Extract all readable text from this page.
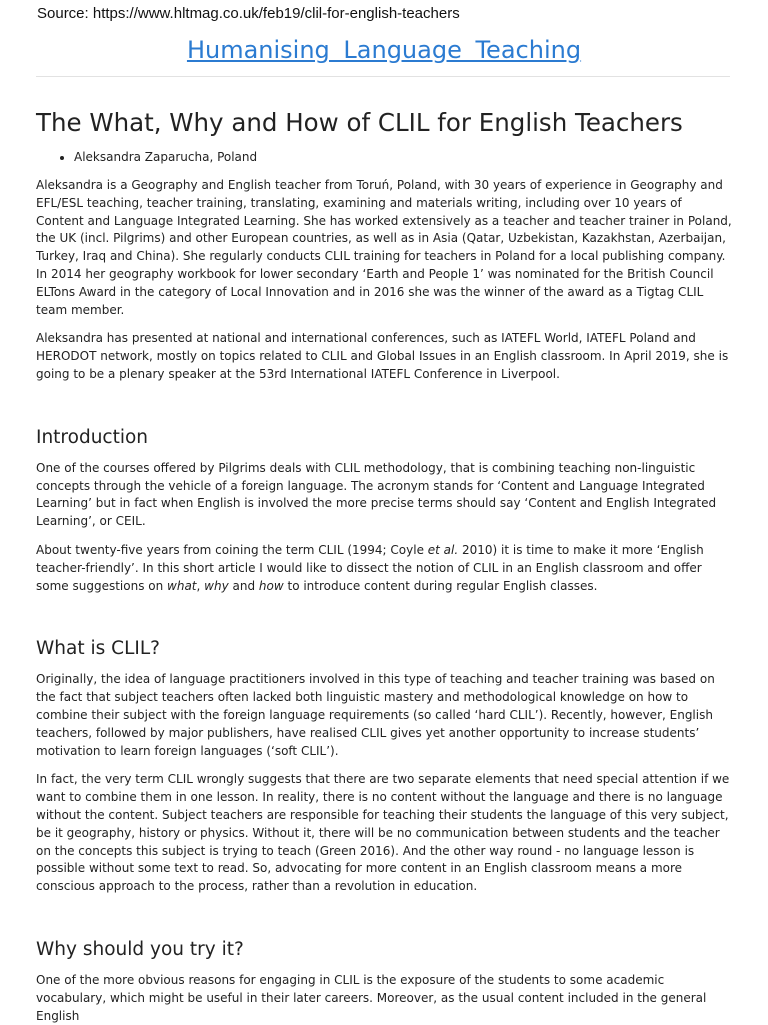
Source: https://www.hltmag.co.uk/feb19/clil-for-english-teachers
Humanising Language Teaching
The What, Why and How of CLIL for English Teachers
• Aleksandra Zaparucha, Poland

Aleksandra is a Geography and English teacher from Toruń, Poland, with 30 years of experience in Geography and EFL/ESL teaching, teacher training, translating, examining and materials writing, including over 10 years of Content and Language Integrated Learning. She has worked extensively as a teacher and teacher trainer in Poland, the UK (incl. Pilgrims) and other European countries, as well as in Asia (Qatar, Uzbekistan, Kazakhstan, Azerbaijan, Turkey, Iraq and China). She regularly conducts CLIL training for teachers in Poland for a local publishing company. In 2014 her geography workbook for lower secondary ‘Earth and People 1’ was nominated for the British Council ELTons Award in the category of Local Innovation and in 2016 she was the winner of the award as a Tigtag CLIL team member.

Aleksandra has presented at national and international conferences, such as IATEFL World, IATEFL Poland and HERODOT network, mostly on topics related to CLIL and Global Issues in an English classroom. In April 2019, she is going to be a plenary speaker at the 53rd International IATEFL Conference in Liverpool.

Introduction

One of the courses offered by Pilgrims deals with CLIL methodology, that is combining teaching non-linguistic concepts through the vehicle of a foreign language. The acronym stands for ‘Content and Language Integrated Learning’ but in fact when English is involved the more precise terms should say ‘Content and English Integrated Learning’, or CEIL.

About twenty-five years from coining the term CLIL (1994; Coyle et al. 2010) it is time to make it more ‘English teacher-friendly’. In this short article I would like to dissect the notion of CLIL in an English classroom and offer some suggestions on what, why and how to introduce content during regular English classes.

What is CLIL?

Originally, the idea of language practitioners involved in this type of teaching and teacher training was based on the fact that subject teachers often lacked both linguistic mastery and methodological knowledge on how to combine their subject with the foreign language requirements (so called ‘hard CLIL’). Recently, however, English teachers, followed by major publishers, have realised CLIL gives yet another opportunity to increase students’ motivation to learn foreign languages (‘soft CLIL’).

In fact, the very term CLIL wrongly suggests that there are two separate elements that need special attention if we want to combine them in one lesson. In reality, there is no content without the language and there is no language without the content. Subject teachers are responsible for teaching their students the language of this very subject, be it geography, history or physics. Without it, there will be no communication between students and the teacher on the concepts this subject is trying to teach (Green 2016). And the other way round - no language lesson is possible without some text to read. So, advocating for more content in an English classroom means a more conscious approach to the process, rather than a revolution in education.

Why should you try it?

One of the more obvious reasons for engaging in CLIL is the exposure of the students to some academic vocabulary, which might be useful in their later careers. Moreover, as the usual content included in the general English
